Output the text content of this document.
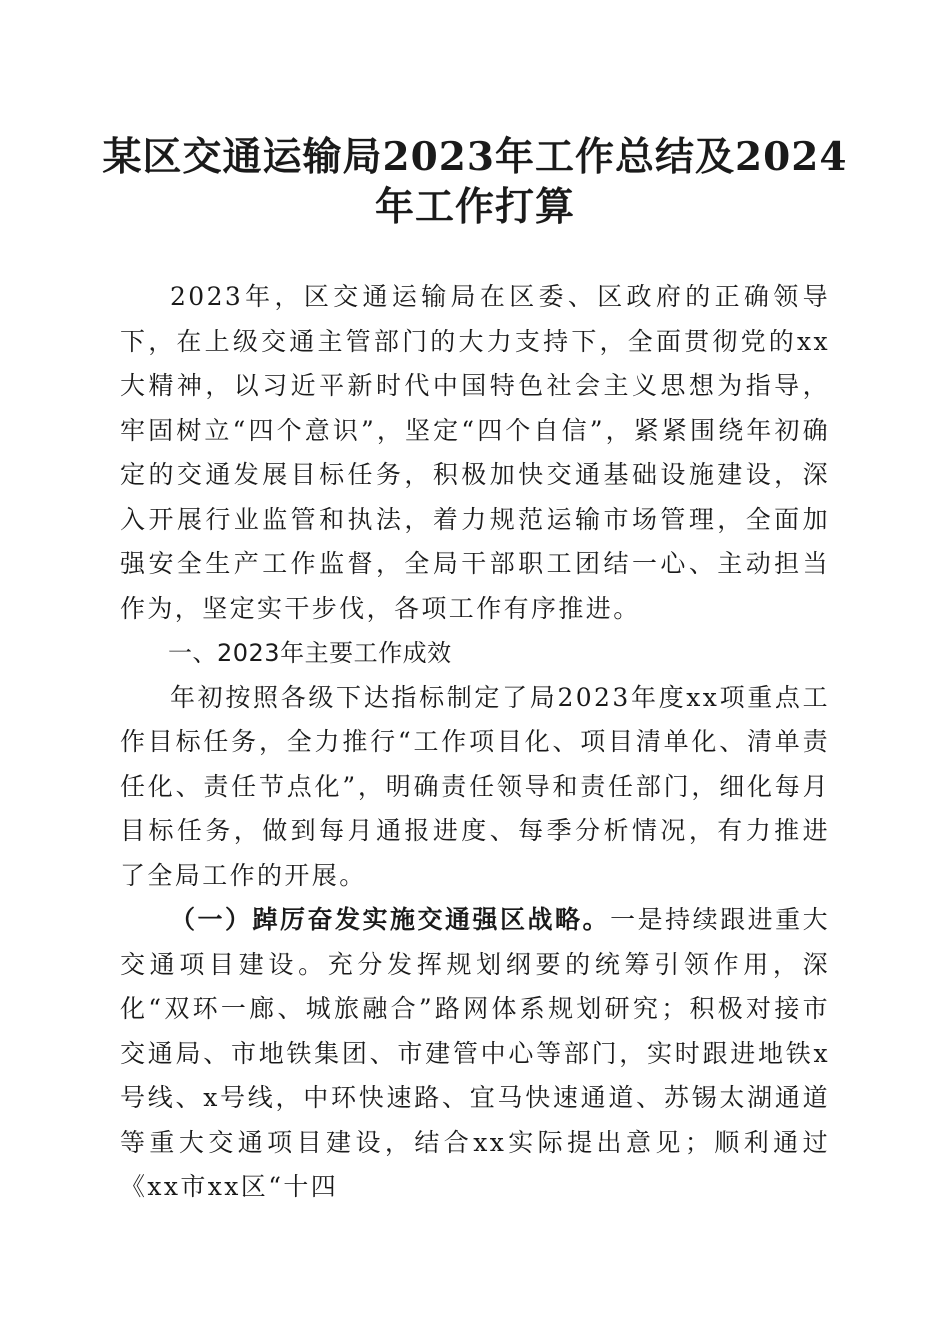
某区交通运输局2023年工作总结及2024年工作打算

2023年，区交通运输局在区委、区政府的正确领导下，在上级交通主管部门的大力支持下，全面贯彻党的xx大精神，以习近平新时代中国特色社会主义思想为指导，牢固树立“四个意识”，坚定“四个自信”，紧紧围绕年初确定的交通发展目标任务，积极加快交通基础设施建设，深入开展行业监管和执法，着力规范运输市场管理，全面加强安全生产工作监督，全局干部职工团结一心、主动担当作为，坚定实干步伐，各项工作有序推进。

一、2023年主要工作成效

年初按照各级下达指标制定了局2023年度xx项重点工作目标任务，全力推行“工作项目化、项目清单化、清单责任化、责任节点化”，明确责任领导和责任部门，细化每月目标任务，做到每月通报进度、每季分析情况，有力推进了全局工作的开展。

（一）踔厉奋发实施交通强区战略。一是持续跟进重大交通项目建设。充分发挥规划纲要的统筹引领作用，深化“双环一廊、城旅融合”路网体系规划研究；积极对接市交通局、市地铁集团、市建管中心等部门，实时跟进地铁x号线、x号线，中环快速路、宜马快速通道、苏锡太湖通道等重大交通项目建设，结合xx实际提出意见；顺利通过《xx市xx区“十四
